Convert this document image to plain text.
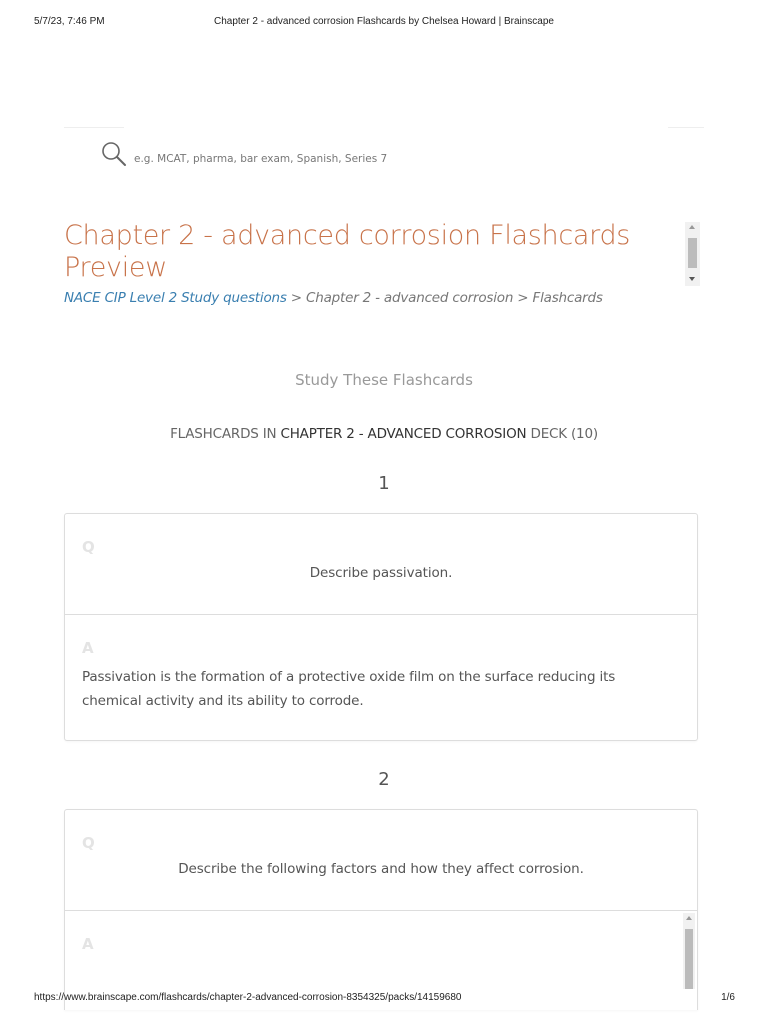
5/7/23, 7:46 PM	Chapter 2 - advanced corrosion Flashcards by Chelsea Howard | Brainscape
e.g. MCAT, pharma, bar exam, Spanish, Series 7
Chapter 2 - advanced corrosion Flashcards Preview
NACE CIP Level 2 Study questions > Chapter 2 - advanced corrosion > Flashcards
Study These Flashcards
FLASHCARDS IN CHAPTER 2 - ADVANCED CORROSION DECK (10)
1
Q
Describe passivation.
A
Passivation is the formation of a protective oxide film on the surface reducing its
chemical activity and its ability to corrode.
2
Q
Describe the following factors and how they affect corrosion.
A
https://www.brainscape.com/flashcards/chapter-2-advanced-corrosion-8354325/packs/14159680	1/6
